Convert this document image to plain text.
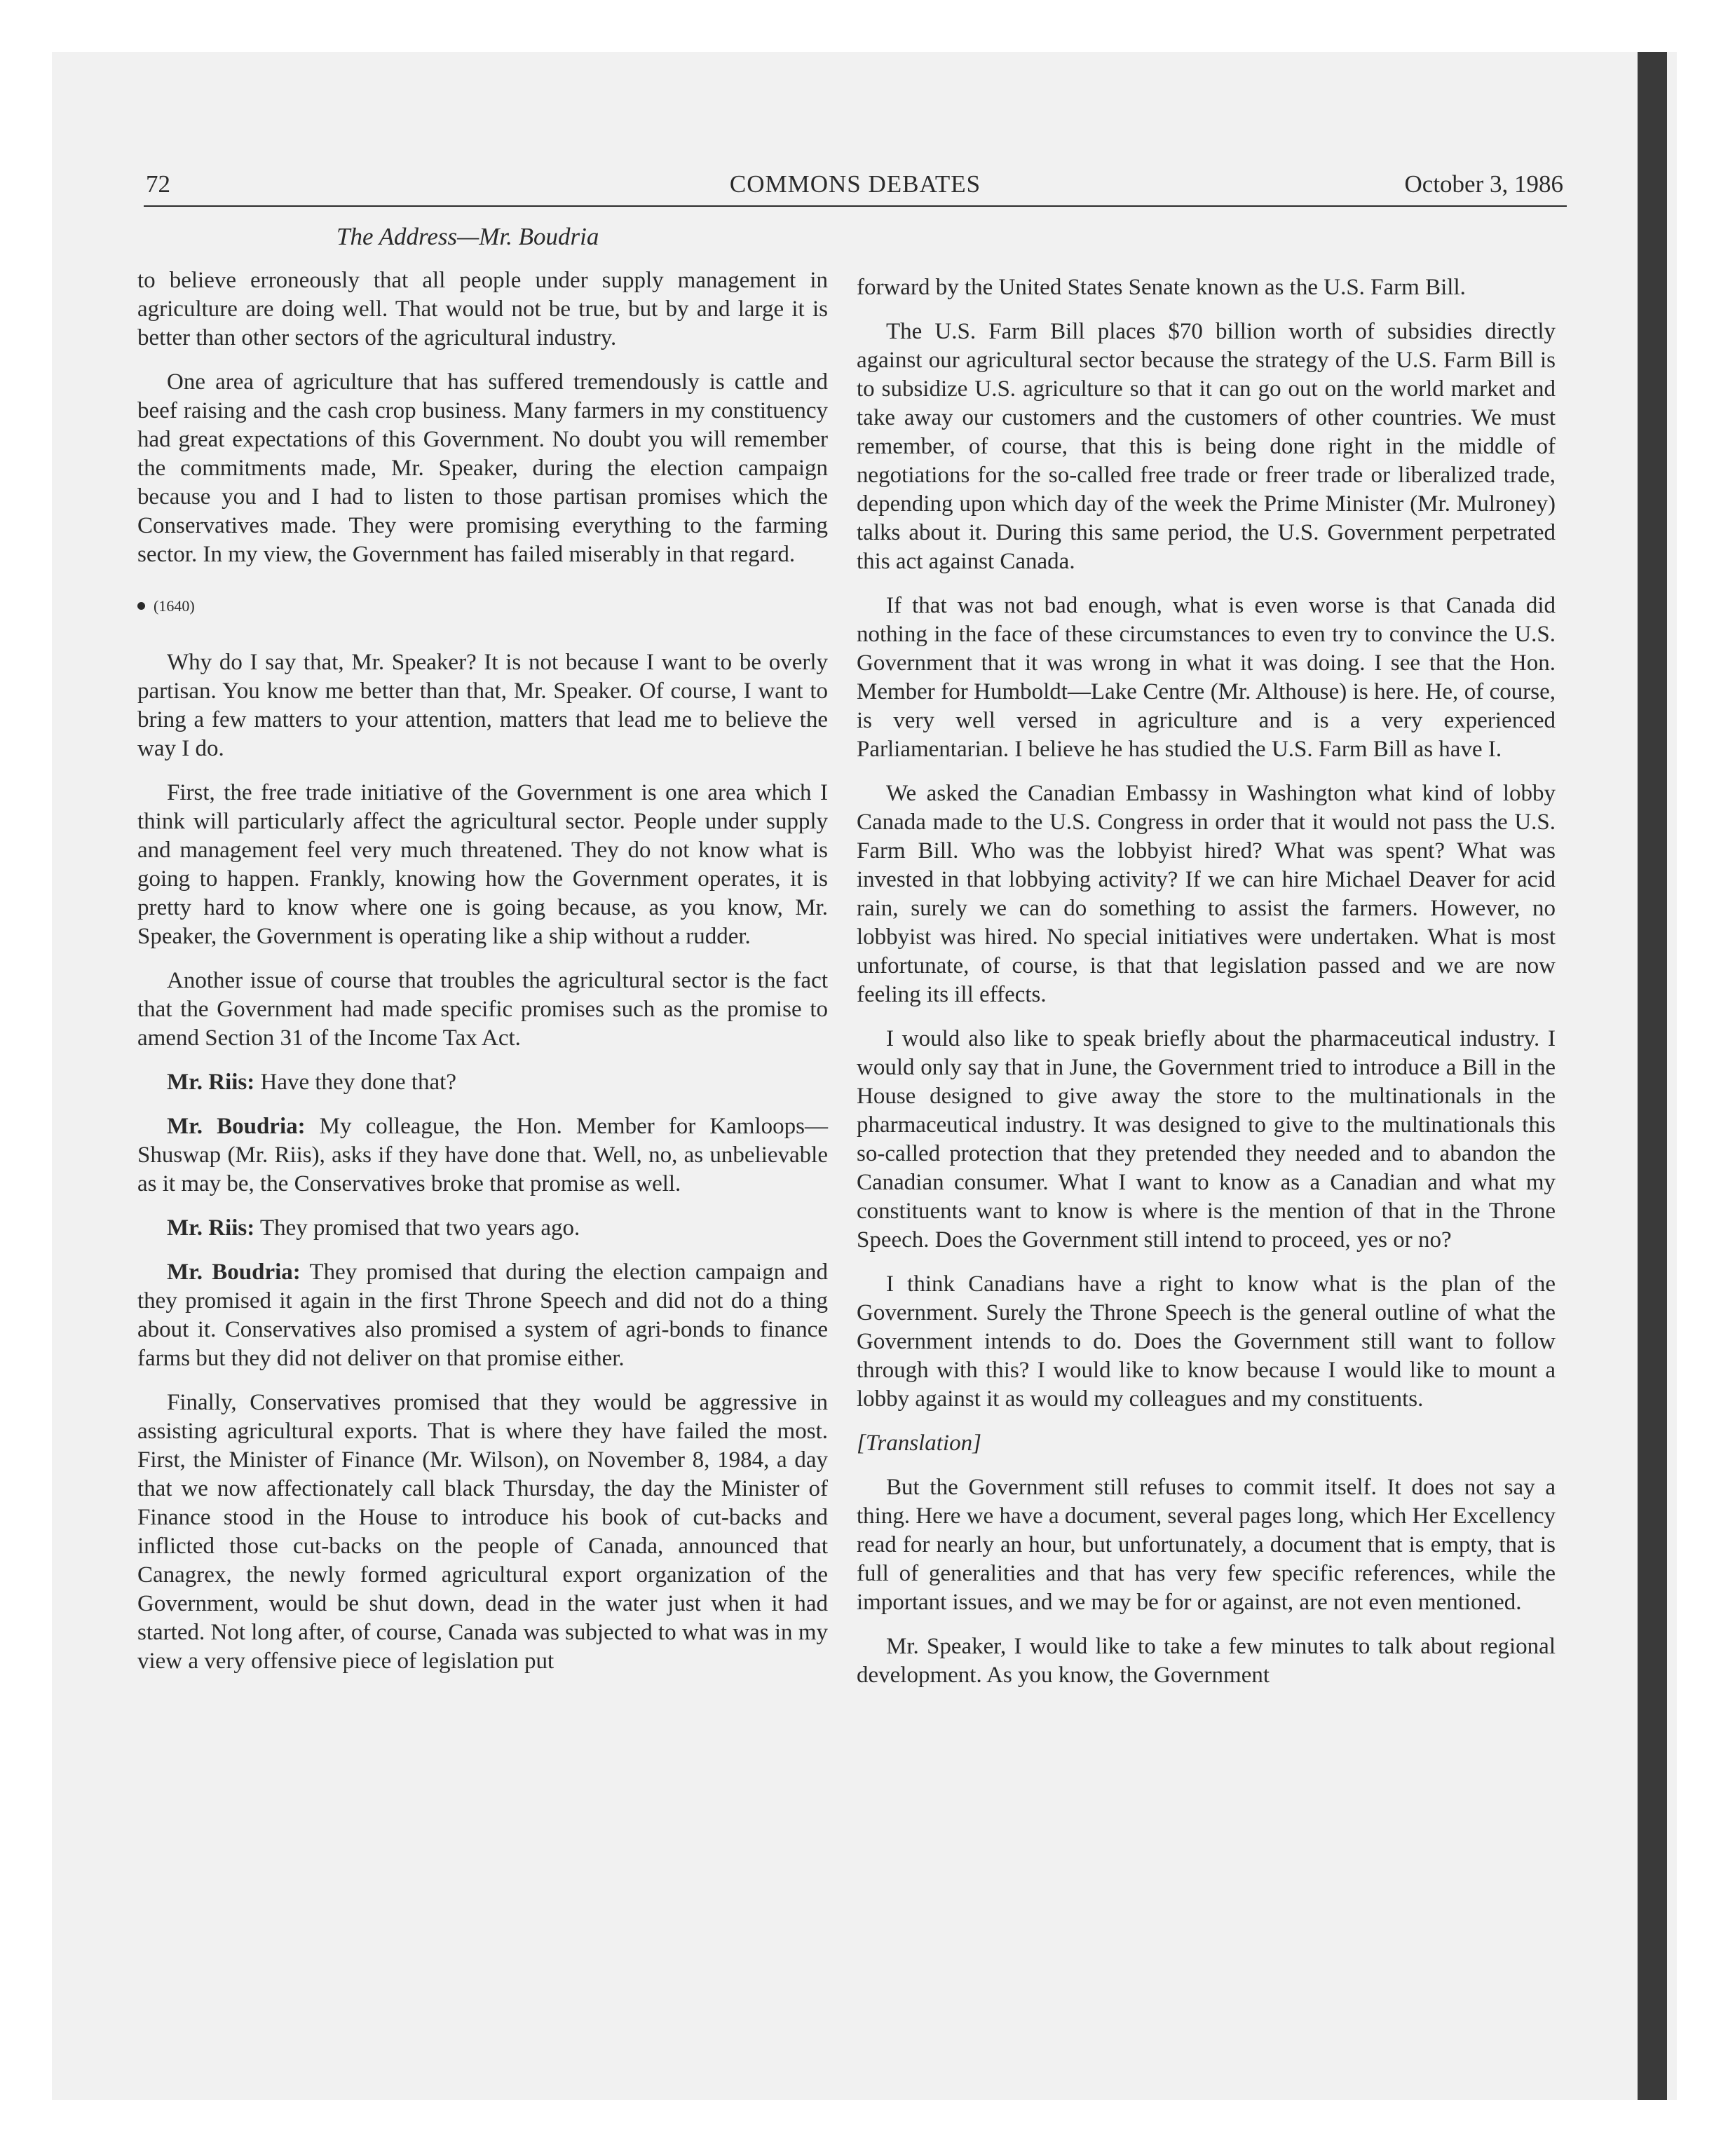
72	COMMONS DEBATES	October 3, 1986
The Address—Mr. Boudria

to believe erroneously that all people under supply management in agriculture are doing well. That would not be true, but by and large it is better than other sectors of the agricultural industry.

One area of agriculture that has suffered tremendously is cattle and beef raising and the cash crop business. Many farmers in my constituency had great expectations of this Government. No doubt you will remember the commitments made, Mr. Speaker, during the election campaign because you and I had to listen to those partisan promises which the Conservatives made. They were promising everything to the farming sector. In my view, the Government has failed miserably in that regard.

(1640)

Why do I say that, Mr. Speaker? It is not because I want to be overly partisan. You know me better than that, Mr. Speaker. Of course, I want to bring a few matters to your attention, matters that lead me to believe the way I do.

First, the free trade initiative of the Government is one area which I think will particularly affect the agricultural sector. People under supply and management feel very much threatened. They do not know what is going to happen. Frankly, knowing how the Government operates, it is pretty hard to know where one is going because, as you know, Mr. Speaker, the Government is operating like a ship without a rudder.

Another issue of course that troubles the agricultural sector is the fact that the Government had made specific promises such as the promise to amend Section 31 of the Income Tax Act.

Mr. Riis: Have they done that?

Mr. Boudria: My colleague, the Hon. Member for Kamloops—Shuswap (Mr. Riis), asks if they have done that. Well, no, as unbelievable as it may be, the Conservatives broke that promise as well.

Mr. Riis: They promised that two years ago.

Mr. Boudria: They promised that during the election campaign and they promised it again in the first Throne Speech and did not do a thing about it. Conservatives also promised a system of agri-bonds to finance farms but they did not deliver on that promise either.

Finally, Conservatives promised that they would be aggressive in assisting agricultural exports. That is where they have failed the most. First, the Minister of Finance (Mr. Wilson), on November 8, 1984, a day that we now affectionately call black Thursday, the day the Minister of Finance stood in the House to introduce his book of cut-backs and inflicted those cut-backs on the people of Canada, announced that Canagrex, the newly formed agricultural export organization of the Government, would be shut down, dead in the water just when it had started. Not long after, of course, Canada was subjected to what was in my view a very offensive piece of legislation put

forward by the United States Senate known as the U.S. Farm Bill.

The U.S. Farm Bill places $70 billion worth of subsidies directly against our agricultural sector because the strategy of the U.S. Farm Bill is to subsidize U.S. agriculture so that it can go out on the world market and take away our customers and the customers of other countries. We must remember, of course, that this is being done right in the middle of negotiations for the so-called free trade or freer trade or liberalized trade, depending upon which day of the week the Prime Minister (Mr. Mulroney) talks about it. During this same period, the U.S. Government perpetrated this act against Canada.

If that was not bad enough, what is even worse is that Canada did nothing in the face of these circumstances to even try to convince the U.S. Government that it was wrong in what it was doing. I see that the Hon. Member for Humboldt—Lake Centre (Mr. Althouse) is here. He, of course, is very well versed in agriculture and is a very experienced Parliamentarian. I believe he has studied the U.S. Farm Bill as have I.

We asked the Canadian Embassy in Washington what kind of lobby Canada made to the U.S. Congress in order that it would not pass the U.S. Farm Bill. Who was the lobbyist hired? What was spent? What was invested in that lobbying activity? If we can hire Michael Deaver for acid rain, surely we can do something to assist the farmers. However, no lobbyist was hired. No special initiatives were undertaken. What is most unfortunate, of course, is that that legislation passed and we are now feeling its ill effects.

I would also like to speak briefly about the pharmaceutical industry. I would only say that in June, the Government tried to introduce a Bill in the House designed to give away the store to the multinationals in the pharmaceutical industry. It was designed to give to the multinationals this so-called protection that they pretended they needed and to abandon the Canadian consumer. What I want to know as a Canadian and what my constituents want to know is where is the mention of that in the Throne Speech. Does the Government still intend to proceed, yes or no?

I think Canadians have a right to know what is the plan of the Government. Surely the Throne Speech is the general outline of what the Government intends to do. Does the Government still want to follow through with this? I would like to know because I would like to mount a lobby against it as would my colleagues and my constituents.

[Translation]

But the Government still refuses to commit itself. It does not say a thing. Here we have a document, several pages long, which Her Excellency read for nearly an hour, but unfortunately, a document that is empty, that is full of generalities and that has very few specific references, while the important issues, and we may be for or against, are not even mentioned.

Mr. Speaker, I would like to take a few minutes to talk about regional development. As you know, the Government
